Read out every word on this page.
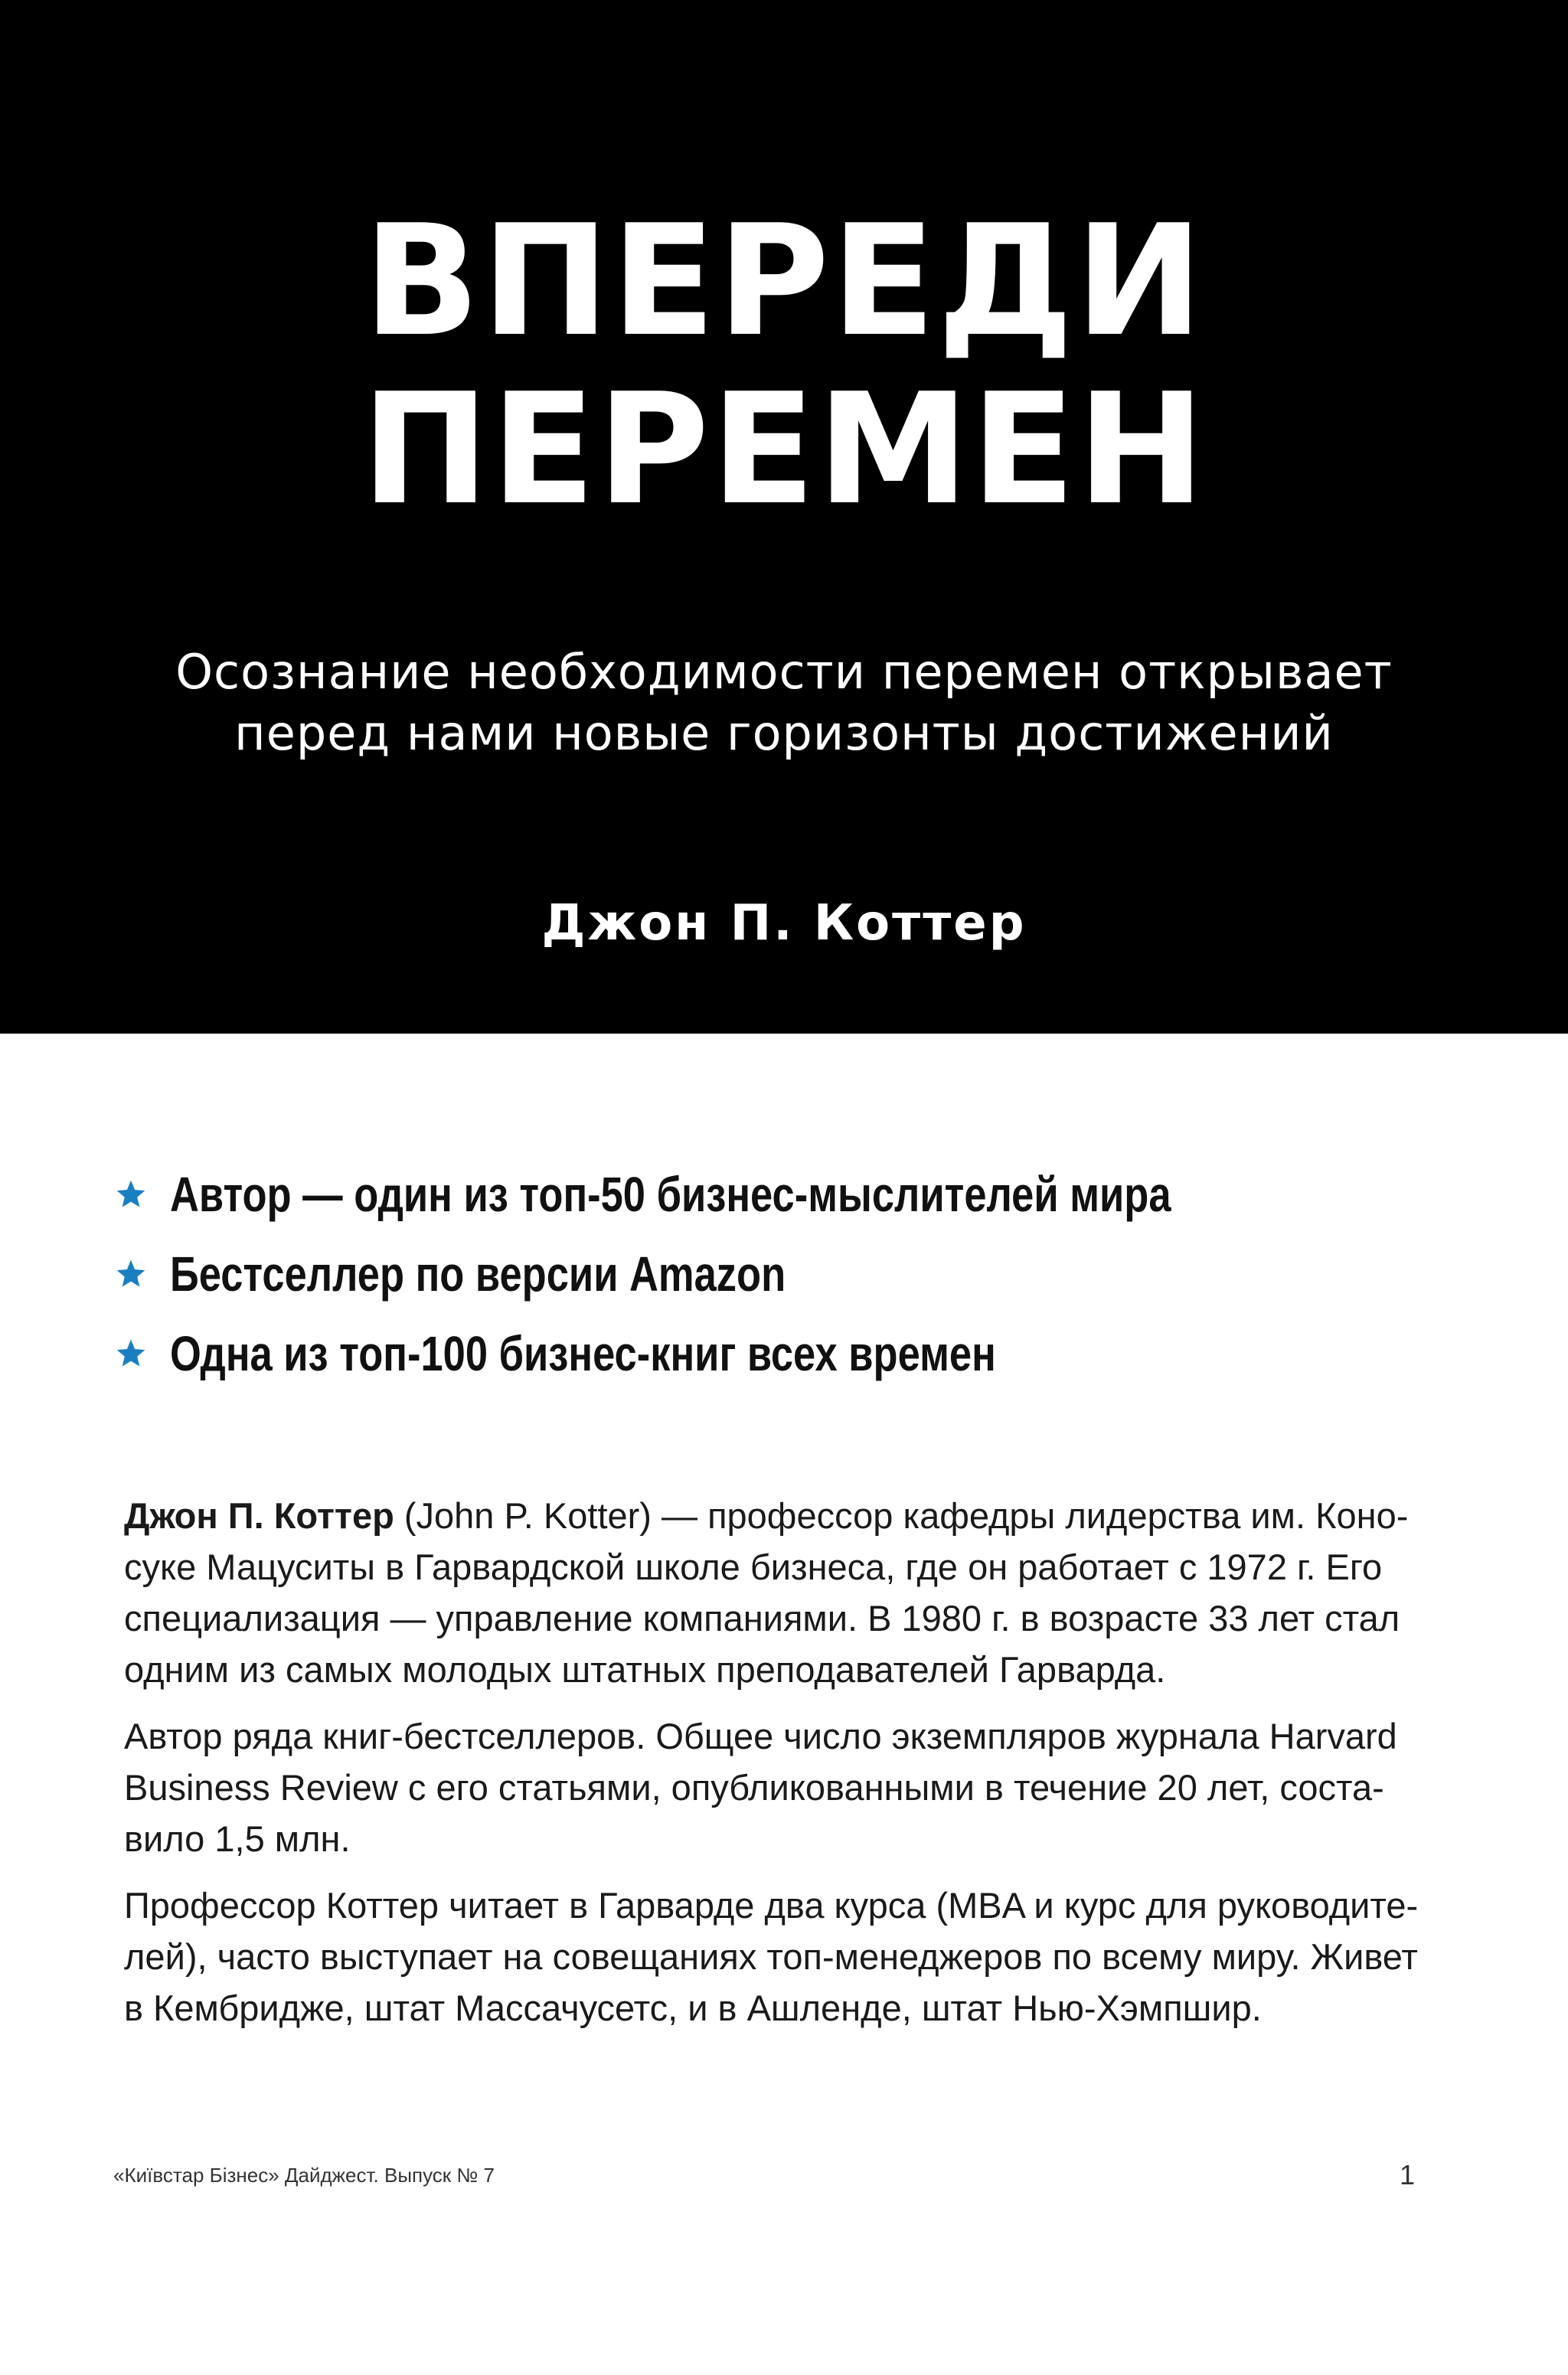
ВПЕРЕДИ
ПЕРЕМЕН

Осознание необходимости перемен открывает
перед нами новые горизонты достижений

Джон П. Коттер
Автор — один из топ-50 бизнес-мыслителей мира
Бестселлер по версии Amazon
Одна из топ-100 бизнес-книг всех времен

Джон П. Коттер (John P. Kotter) — профессор кафедры лидерства им. Коно-
суке Мацуситы в Гарвардской школе бизнеса, где он работает с 1972 г. Его
специализация — управление компаниями. В 1980 г. в возрасте 33 лет стал
одним из самых молодых штатных преподавателей Гарварда.

Автор ряда книг-бестселлеров. Общее число экземпляров журнала Harvard
Business Review с его статьями, опубликованными в течение 20 лет, соста-
вило 1,5 млн.

Профессор Коттер читает в Гарварде два курса (MBA и курс для руководите-
лей), часто выступает на совещаниях топ-менеджеров по всему миру. Живет
в Кембридже, штат Массачусетс, и в Ашленде, штат Нью-Хэмпшир.

«Київстар Бізнес» Дайджест. Выпуск № 7	1
